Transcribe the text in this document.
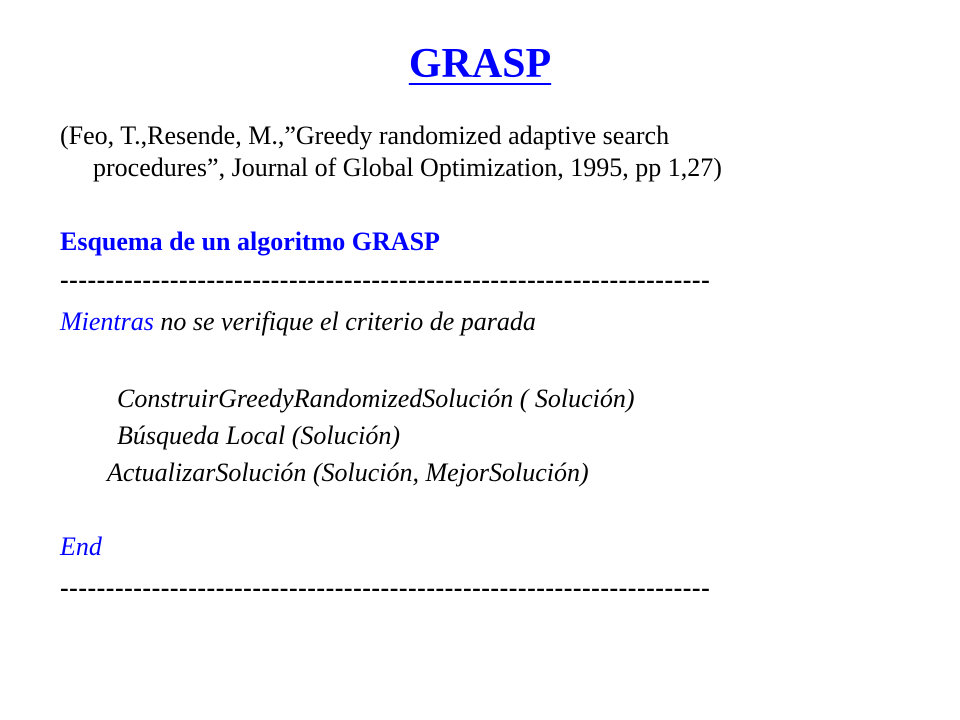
GRASP
(Feo, T.,Resende, M.,”Greedy randomized adaptive search
procedures”, Journal of Global Optimization, 1995, pp 1,27)
Esquema de un algoritmo GRASP
-----------------------------------------------------------------------
Mientras no se verifique el criterio de parada
ConstruirGreedyRandomizedSolución ( Solución)
Búsqueda Local (Solución)
ActualizarSolución (Solución, MejorSolución)
End
-----------------------------------------------------------------------
